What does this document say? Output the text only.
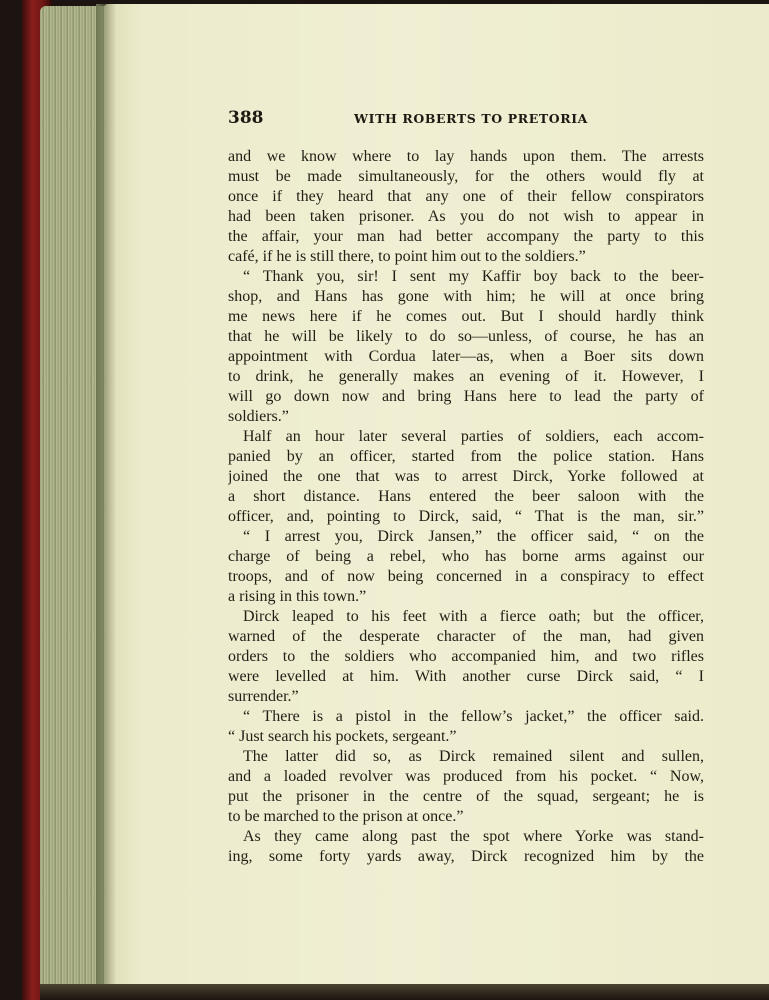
388	WITH ROBERTS TO PRETORIA
and we know where to lay hands upon them. The arrests
must be made simultaneously, for the others would fly at
once if they heard that any one of their fellow conspirators
had been taken prisoner. As you do not wish to appear in
the affair, your man had better accompany the party to this
café, if he is still there, to point him out to the soldiers.”
“ Thank you, sir! I sent my Kaffir boy back to the beer-
shop, and Hans has gone with him; he will at once bring
me news here if he comes out. But I should hardly think
that he will be likely to do so—unless, of course, he has an
appointment with Cordua later—as, when a Boer sits down
to drink, he generally makes an evening of it. However, I
will go down now and bring Hans here to lead the party of
soldiers.”
Half an hour later several parties of soldiers, each accom-
panied by an officer, started from the police station. Hans
joined the one that was to arrest Dirck, Yorke followed at
a short distance. Hans entered the beer saloon with the
officer, and, pointing to Dirck, said, “ That is the man, sir.”
“ I arrest you, Dirck Jansen,” the officer said, “ on the
charge of being a rebel, who has borne arms against our
troops, and of now being concerned in a conspiracy to effect
a rising in this town.”
Dirck leaped to his feet with a fierce oath; but the officer,
warned of the desperate character of the man, had given
orders to the soldiers who accompanied him, and two rifles
were levelled at him. With another curse Dirck said, “ I
surrender.”
“ There is a pistol in the fellow’s jacket,” the officer said.
“ Just search his pockets, sergeant.”
The latter did so, as Dirck remained silent and sullen,
and a loaded revolver was produced from his pocket. “ Now,
put the prisoner in the centre of the squad, sergeant; he is
to be marched to the prison at once.”
As they came along past the spot where Yorke was stand-
ing, some forty yards away, Dirck recognized him by the
